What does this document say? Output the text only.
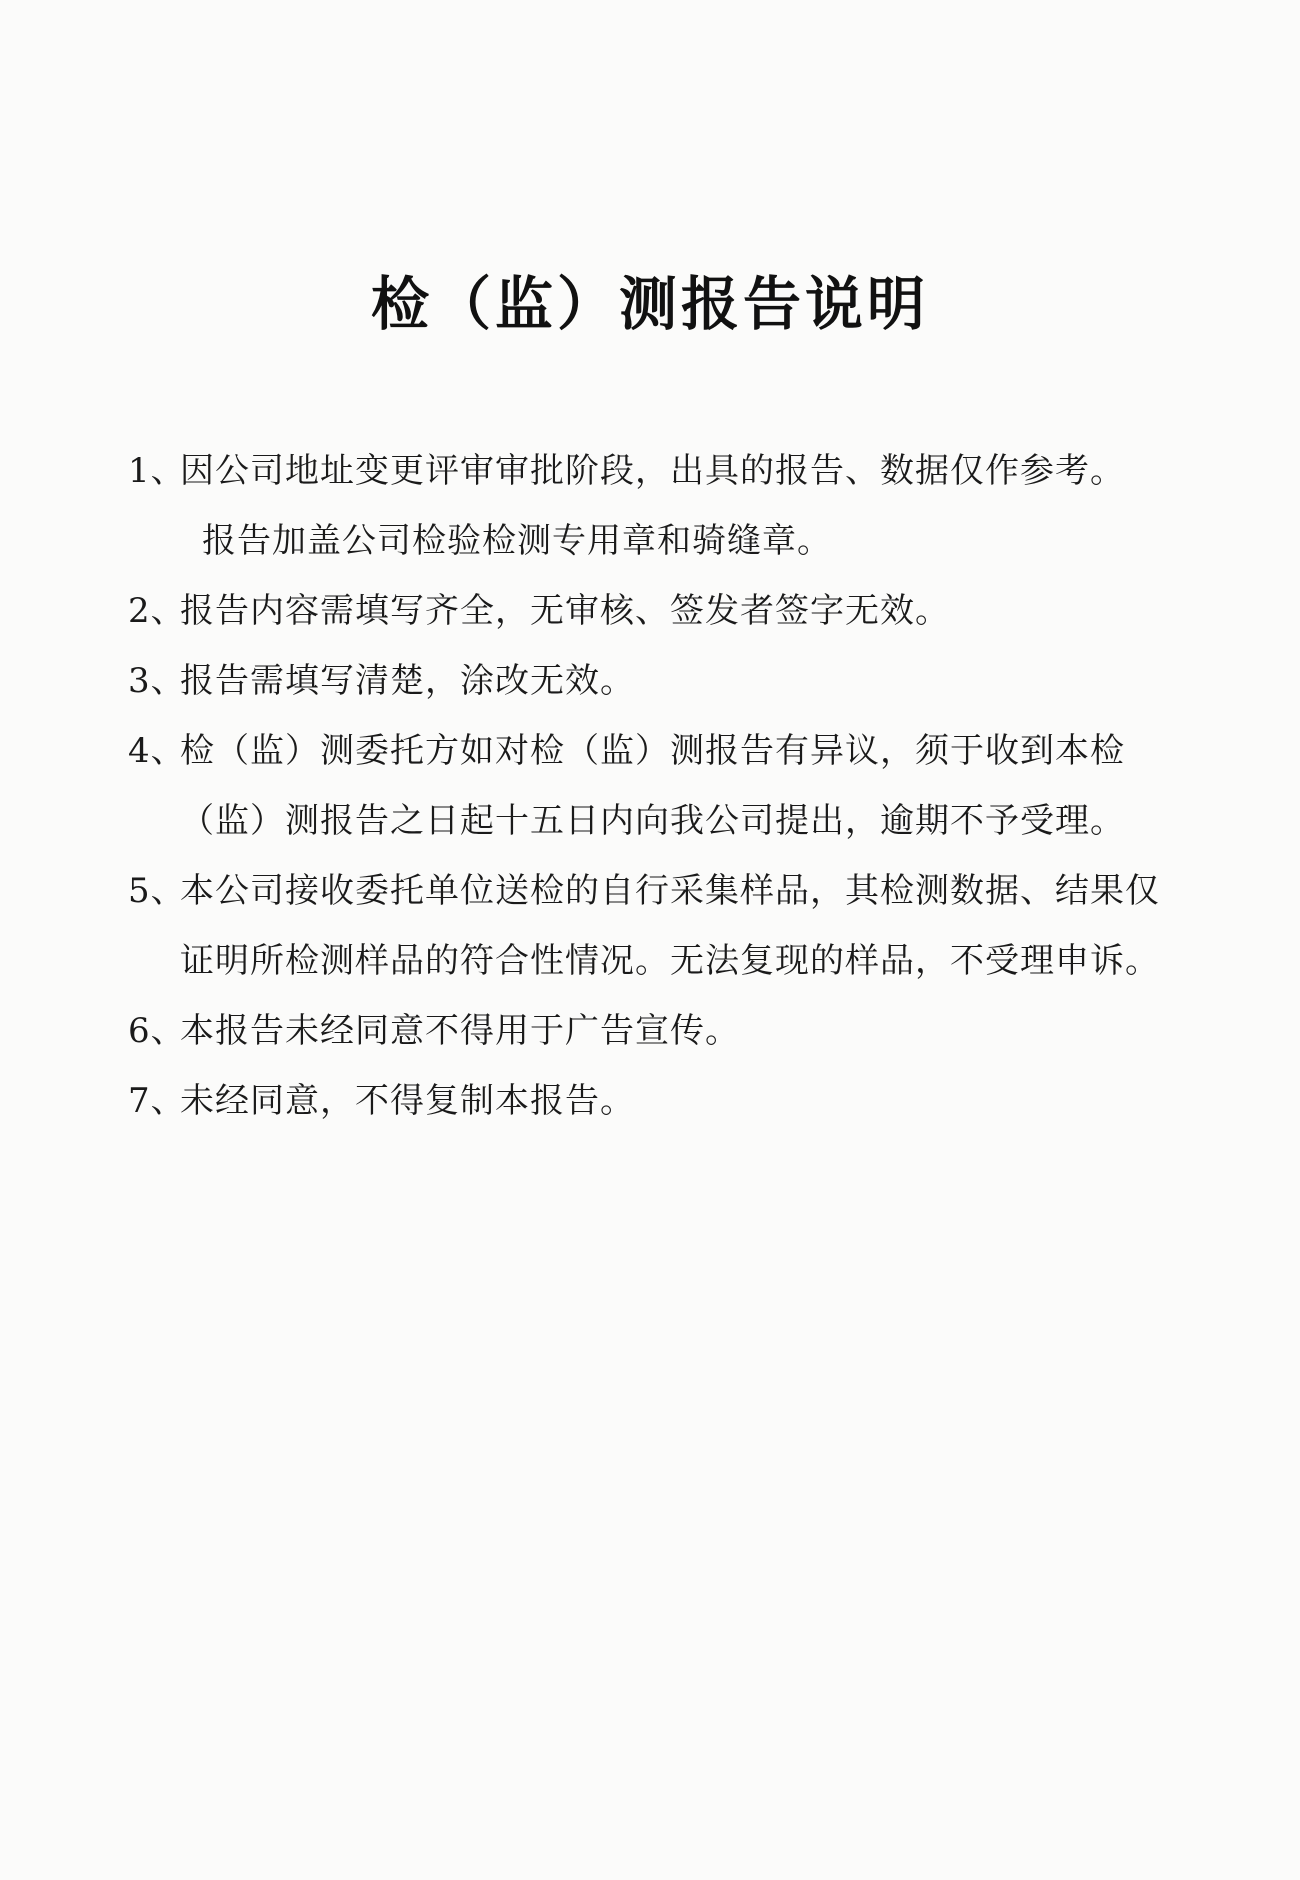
检（监）测报告说明
1、
因公司地址变更评审审批阶段，出具的报告、数据仅作参考。
报告加盖公司检验检测专用章和骑缝章。
2、
报告内容需填写齐全，无审核、签发者签字无效。
3、
报告需填写清楚，涂改无效。
4、
检（监）测委托方如对检（监）测报告有异议，须于收到本检（监）测报告之日起十五日内向我公司提出，逾期不予受理。
5、
本公司接收委托单位送检的自行采集样品，其检测数据、结果仅证明所检测样品的符合性情况。无法复现的样品，不受理申诉。
6、
本报告未经同意不得用于广告宣传。
7、
未经同意，不得复制本报告。
